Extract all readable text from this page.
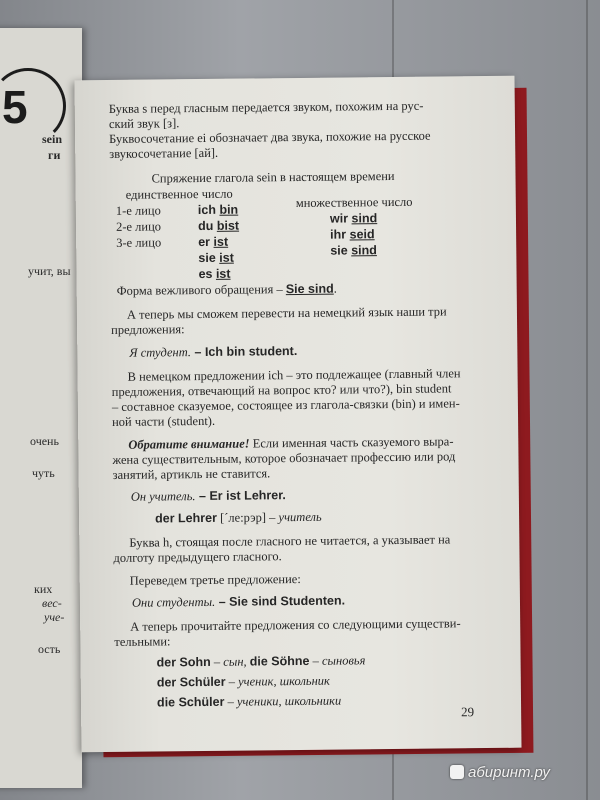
5
sein
ги
учит, вы
очень
чуть
ких
вес-
уче-
ость
Буква s перед гласным передается звуком, похожим на рус-
ский звук [з].
Буквосочетание ei обозначает два звука, похожие на русское
звукосочетание [ай].
Спряжение глагола sein в настоящем времени
единственное число
множественное число
1-е лицо
2-е лицо
3-е лицо
ich bin
du bist
er ist
sie ist
es ist
wir sind
ihr seid
sie sind
Форма вежливого обращения – Sie sind.
А теперь мы сможем перевести на немецкий язык наши три
предложения:
Я студент. – Ich bin student.
В немецком предложении ich – это подлежащее (главный член
предложения, отвечающий на вопрос кто? или что?), bin student
– составное сказуемое, состоящее из глагола-связки (bin) и имен-
ной части (student).
Обратите внимание! Если именная часть сказуемого выра-
жена существительным, которое обозначает профессию или род
занятий, артикль не ставится.
Он учитель. – Er ist Lehrer.
der Lehrer [ˊле:рэр] – учитель
Буква h, стоящая после гласного не читается, а указывает на
долготу предыдущего гласного.
Переведем третье предложение:
Они студенты. – Sie sind Studenten.
А теперь прочитайте предложения со следующими существи-
тельными:
der Sohn – сын, die Söhne – сыновья
der Schüler – ученик, школьник
die Schüler – ученики, школьники
29
абиринт.ру
